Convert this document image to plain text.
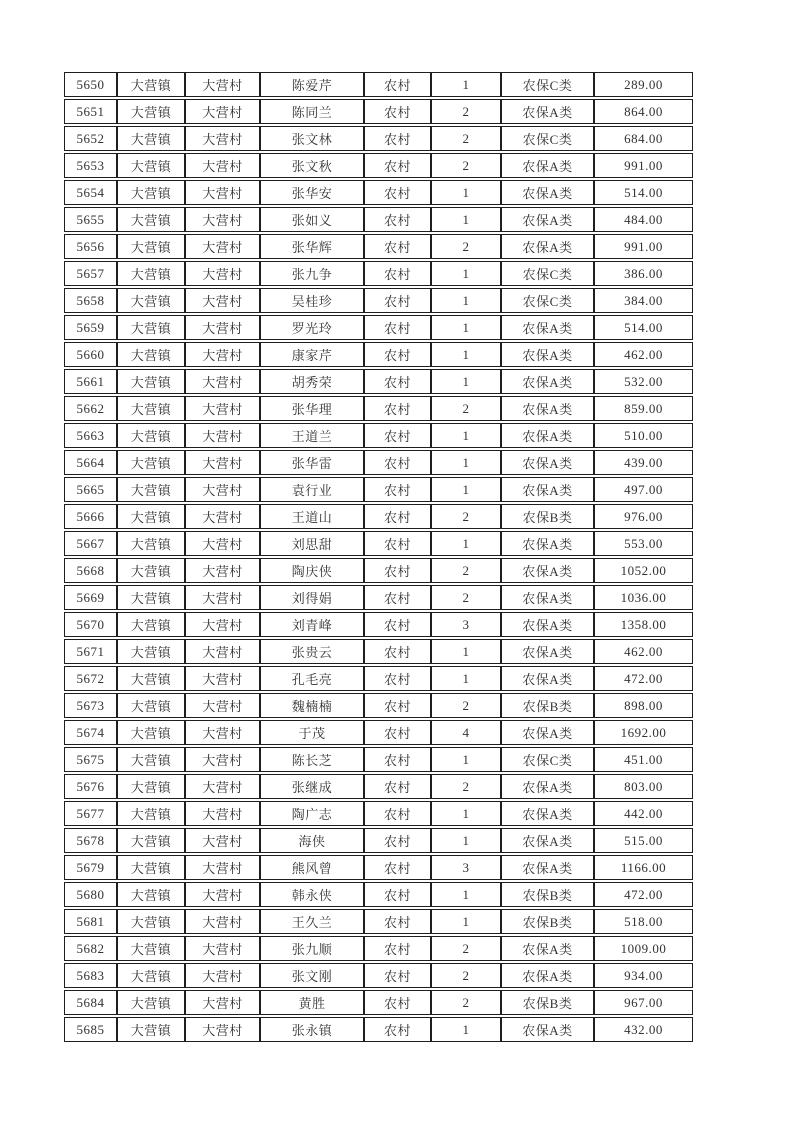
5650	大营镇	大营村	陈爱芹	农村	1	农保C类	289.00
5651	大营镇	大营村	陈同兰	农村	2	农保A类	864.00
5652	大营镇	大营村	张文林	农村	2	农保C类	684.00
5653	大营镇	大营村	张文秋	农村	2	农保A类	991.00
5654	大营镇	大营村	张华安	农村	1	农保A类	514.00
5655	大营镇	大营村	张如义	农村	1	农保A类	484.00
5656	大营镇	大营村	张华辉	农村	2	农保A类	991.00
5657	大营镇	大营村	张九争	农村	1	农保C类	386.00
5658	大营镇	大营村	吴桂珍	农村	1	农保C类	384.00
5659	大营镇	大营村	罗光玲	农村	1	农保A类	514.00
5660	大营镇	大营村	康家芹	农村	1	农保A类	462.00
5661	大营镇	大营村	胡秀荣	农村	1	农保A类	532.00
5662	大营镇	大营村	张华理	农村	2	农保A类	859.00
5663	大营镇	大营村	王道兰	农村	1	农保A类	510.00
5664	大营镇	大营村	张华雷	农村	1	农保A类	439.00
5665	大营镇	大营村	袁行业	农村	1	农保A类	497.00
5666	大营镇	大营村	王道山	农村	2	农保B类	976.00
5667	大营镇	大营村	刘思甜	农村	1	农保A类	553.00
5668	大营镇	大营村	陶庆侠	农村	2	农保A类	1052.00
5669	大营镇	大营村	刘得娟	农村	2	农保A类	1036.00
5670	大营镇	大营村	刘青峰	农村	3	农保A类	1358.00
5671	大营镇	大营村	张贵云	农村	1	农保A类	462.00
5672	大营镇	大营村	孔毛亮	农村	1	农保A类	472.00
5673	大营镇	大营村	魏楠楠	农村	2	农保B类	898.00
5674	大营镇	大营村	于茂	农村	4	农保A类	1692.00
5675	大营镇	大营村	陈长芝	农村	1	农保C类	451.00
5676	大营镇	大营村	张继成	农村	2	农保A类	803.00
5677	大营镇	大营村	陶广志	农村	1	农保A类	442.00
5678	大营镇	大营村	海侠	农村	1	农保A类	515.00
5679	大营镇	大营村	熊风曾	农村	3	农保A类	1166.00
5680	大营镇	大营村	韩永侠	农村	1	农保B类	472.00
5681	大营镇	大营村	王久兰	农村	1	农保B类	518.00
5682	大营镇	大营村	张九顺	农村	2	农保A类	1009.00
5683	大营镇	大营村	张文刚	农村	2	农保A类	934.00
5684	大营镇	大营村	黄胜	农村	2	农保B类	967.00
5685	大营镇	大营村	张永镇	农村	1	农保A类	432.00
